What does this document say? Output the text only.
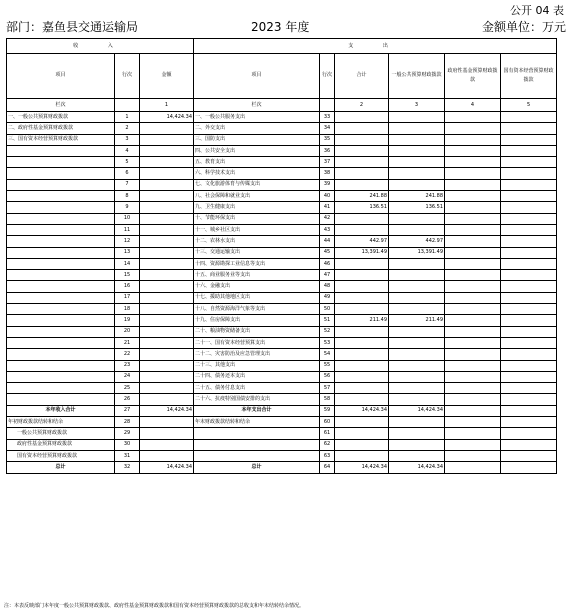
公开 04 表
部门：嘉鱼县交通运输局	2023 年度	金额单位：万元
收 入			支 出					
项目	行次	金额	项目	行次	合计	一般公共预算财政拨款	政府性基金预算财政拨款	国有资本经营预算财政拨款
栏次		1	栏次		2	3	4	5
一、一般公共预算财政拨款	1	14,424.34	一、一般公共服务支出	33				
二、政府性基金预算财政拨款	2		二、外交支出	34				
三、国有资本经营预算财政拨款	3		三、国防支出	35				
	4		四、公共安全支出	36				
	5		五、教育支出	37				
	6		六、科学技术支出	38				
	7		七、文化旅游体育与传媒支出	39				
	8		八、社会保障和就业支出	40	241.88	241.88		
	9		九、卫生健康支出	41	136.51	136.51		
	10		十、节能环保支出	42				
	11		十一、城乡社区支出	43				
	12		十二、农林水支出	44	442.97	442.97		
	13		十三、交通运输支出	45	13,391.49	13,391.49		
	14		十四、资源勘探工业信息等支出	46				
	15		十五、商业服务业等支出	47				
	16		十六、金融支出	48				
	17		十七、援助其他地区支出	49				
	18		十八、自然资源海洋气象等支出	50				
	19		十九、住房保障支出	51	211.49	211.49		
	20		二十、粮油物资储备支出	52				
	21		二十一、国有资本经营预算支出	53				
	22		二十二、灾害防治及应急管理支出	54				
	23		二十三、其他支出	55				
	24		二十四、债务还本支出	56				
	25		二十五、债务付息支出	57				
	26		二十六、抗疫特别国债安排的支出	58				
本年收入合计	27	14,424.34	本年支出合计	59	14,424.34	14,424.34		
年初财政拨款结转和结余	28		年末财政拨款结转和结余	60				
一般公共预算财政拨款	29			61				
政府性基金预算财政拨款	30			62				
国有资本经营预算财政拨款	31			63				
总计	32	14,424.34	总计	64	14,424.34	14,424.34		
注：本表反映部门本年度一般公共预算财政拨款、政府性基金预算财政拨款和国有资本经营预算财政拨款的总收支和年末结转结余情况。
